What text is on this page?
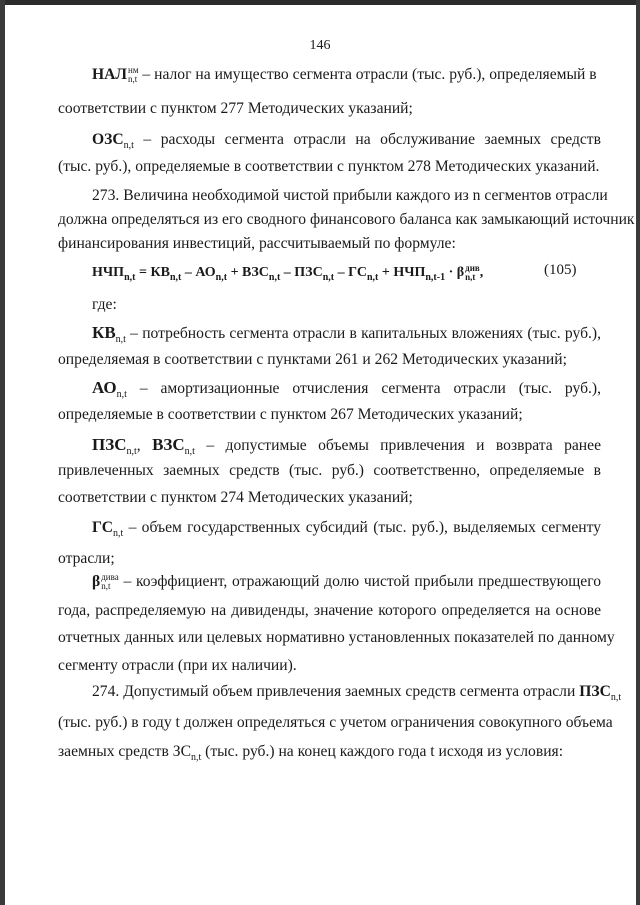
146
НАЛ нм
n,t – налог на имущество сегмента отрасли (тыс. руб.), определяемый в
соответствии с пунктом 277 Методических указаний;
$ОЗС_{n,t}$ – расходы сегмента отрасли на обслуживание заемных средств
(тыс. руб.), определяемые в соответствии с пунктом 278 Методических указаний.
273. Величина необходимой чистой прибыли каждого из n сегментов отрасли
должна определяться из его сводного финансового баланса как замыкающий источник
финансирования инвестиций, рассчитываемый по формуле:
$НЧП_{n,t} = КВ_{n,t} - АО_{n,t} + ВЗС_{n,t} - ПЗС_{n,t} - ГС_{n,t} + НЧП_{n,t-1} \cdot \beta$ див
n,t ,	(105)
где:
$КВ_{n,t}$ – потребность сегмента отрасли в капитальных вложениях (тыс. руб.),
определяемая в соответствии с пунктами 261 и 262 Методических указаний;
$АО_{n,t}$ – амортизационные отчисления сегмента отрасли (тыс. руб.),
определяемые в соответствии с пунктом 267 Методических указаний;
$ПЗС_{n,t}$, $ВЗС_{n,t}$ – допустимые объемы привлечения и возврата ранее
привлеченных заемных средств (тыс. руб.) соответственно, определяемые в
соответствии с пунктом 274 Методических указаний;
$ГС_{n,t}$ – объем государственных субсидий (тыс. руб.), выделяемых сегменту
отрасли;
β дива
n,t – коэффициент, отражающий долю чистой прибыли предшествующего
года, распределяемую на дивиденды, значение которого определяется на основе
отчетных данных или целевых нормативно установленных показателей по данному
сегменту отрасли (при их наличии).
274. Допустимый объем привлечения заемных средств сегмента отрасли $ПЗС_{n,t}$
(тыс. руб.) в году t должен определяться с учетом ограничения совокупного объема
заемных средств $ЗС_{n,t}$ (тыс. руб.) на конец каждого года t исходя из условия:
